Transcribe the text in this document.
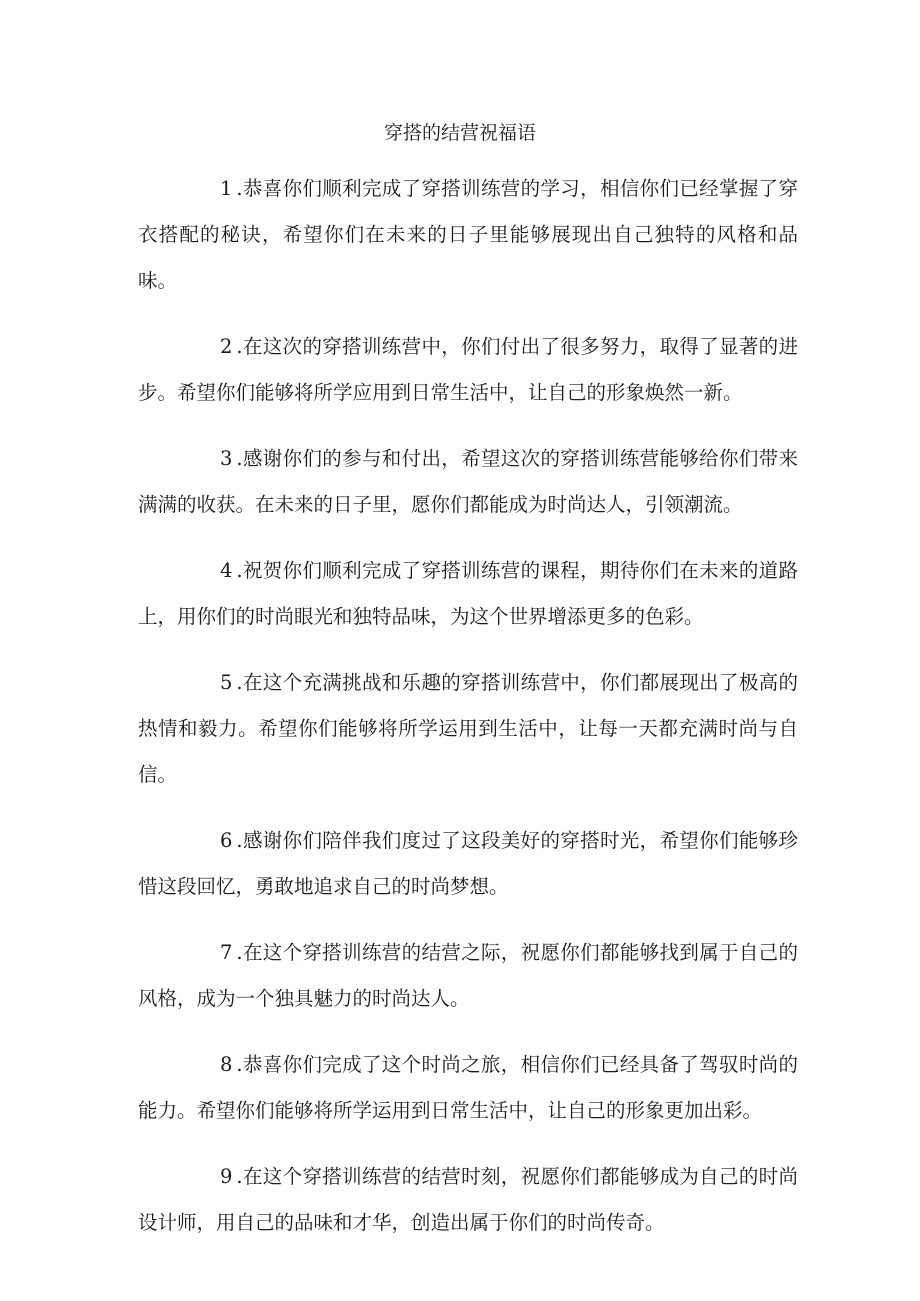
穿搭的结营祝福语

1 .恭喜你们顺利完成了穿搭训练营的学习，相信你们已经掌握了穿衣搭配的秘诀，希望你们在未来的日子里能够展现出自己独特的风格和品味。

2 .在这次的穿搭训练营中，你们付出了很多努力，取得了显著的进步。希望你们能够将所学应用到日常生活中，让自己的形象焕然一新。

3 .感谢你们的参与和付出，希望这次的穿搭训练营能够给你们带来满满的收获。在未来的日子里，愿你们都能成为时尚达人，引领潮流。

4 .祝贺你们顺利完成了穿搭训练营的课程，期待你们在未来的道路上，用你们的时尚眼光和独特品味，为这个世界增添更多的色彩。

5 .在这个充满挑战和乐趣的穿搭训练营中，你们都展现出了极高的热情和毅力。希望你们能够将所学运用到生活中，让每一天都充满时尚与自信。

6 .感谢你们陪伴我们度过了这段美好的穿搭时光，希望你们能够珍惜这段回忆，勇敢地追求自己的时尚梦想。

7 .在这个穿搭训练营的结营之际，祝愿你们都能够找到属于自己的风格，成为一个独具魅力的时尚达人。

8 .恭喜你们完成了这个时尚之旅，相信你们已经具备了驾驭时尚的能力。希望你们能够将所学运用到日常生活中，让自己的形象更加出彩。

9 .在这个穿搭训练营的结营时刻，祝愿你们都能够成为自己的时尚设计师，用自己的品味和才华，创造出属于你们的时尚传奇。
